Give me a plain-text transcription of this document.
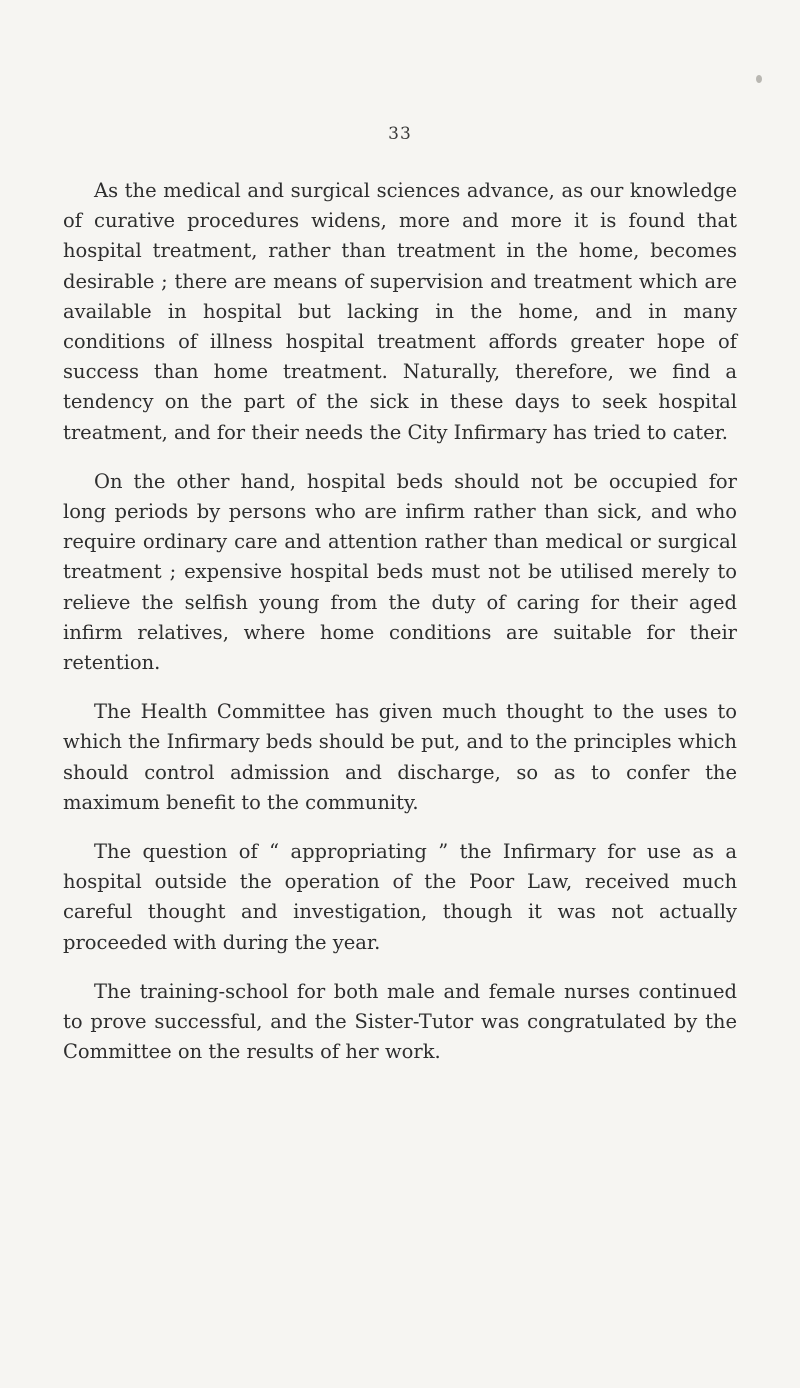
33

As the medical and surgical sciences advance, as our knowledge of curative procedures widens, more and more it is found that hospital treatment, rather than treatment in the home, becomes desirable ; there are means of supervision and treatment which are available in hospital but lacking in the home, and in many conditions of illness hospital treatment affords greater hope of success than home treatment. Naturally, therefore, we find a tendency on the part of the sick in these days to seek hospital treatment, and for their needs the City Infirmary has tried to cater.

On the other hand, hospital beds should not be occupied for long periods by persons who are infirm rather than sick, and who require ordinary care and attention rather than medical or surgical treatment ; expensive hospital beds must not be utilised merely to relieve the selfish young from the duty of caring for their aged infirm relatives, where home conditions are suitable for their retention.

The Health Committee has given much thought to the uses to which the Infirmary beds should be put, and to the principles which should control admission and discharge, so as to confer the maximum benefit to the community.

The question of “ appropriating ” the Infirmary for use as a hospital outside the operation of the Poor Law, received much careful thought and investigation, though it was not actually proceeded with during the year.

The training-school for both male and female nurses continued to prove successful, and the Sister-Tutor was congratulated by the Committee on the results of her work.
